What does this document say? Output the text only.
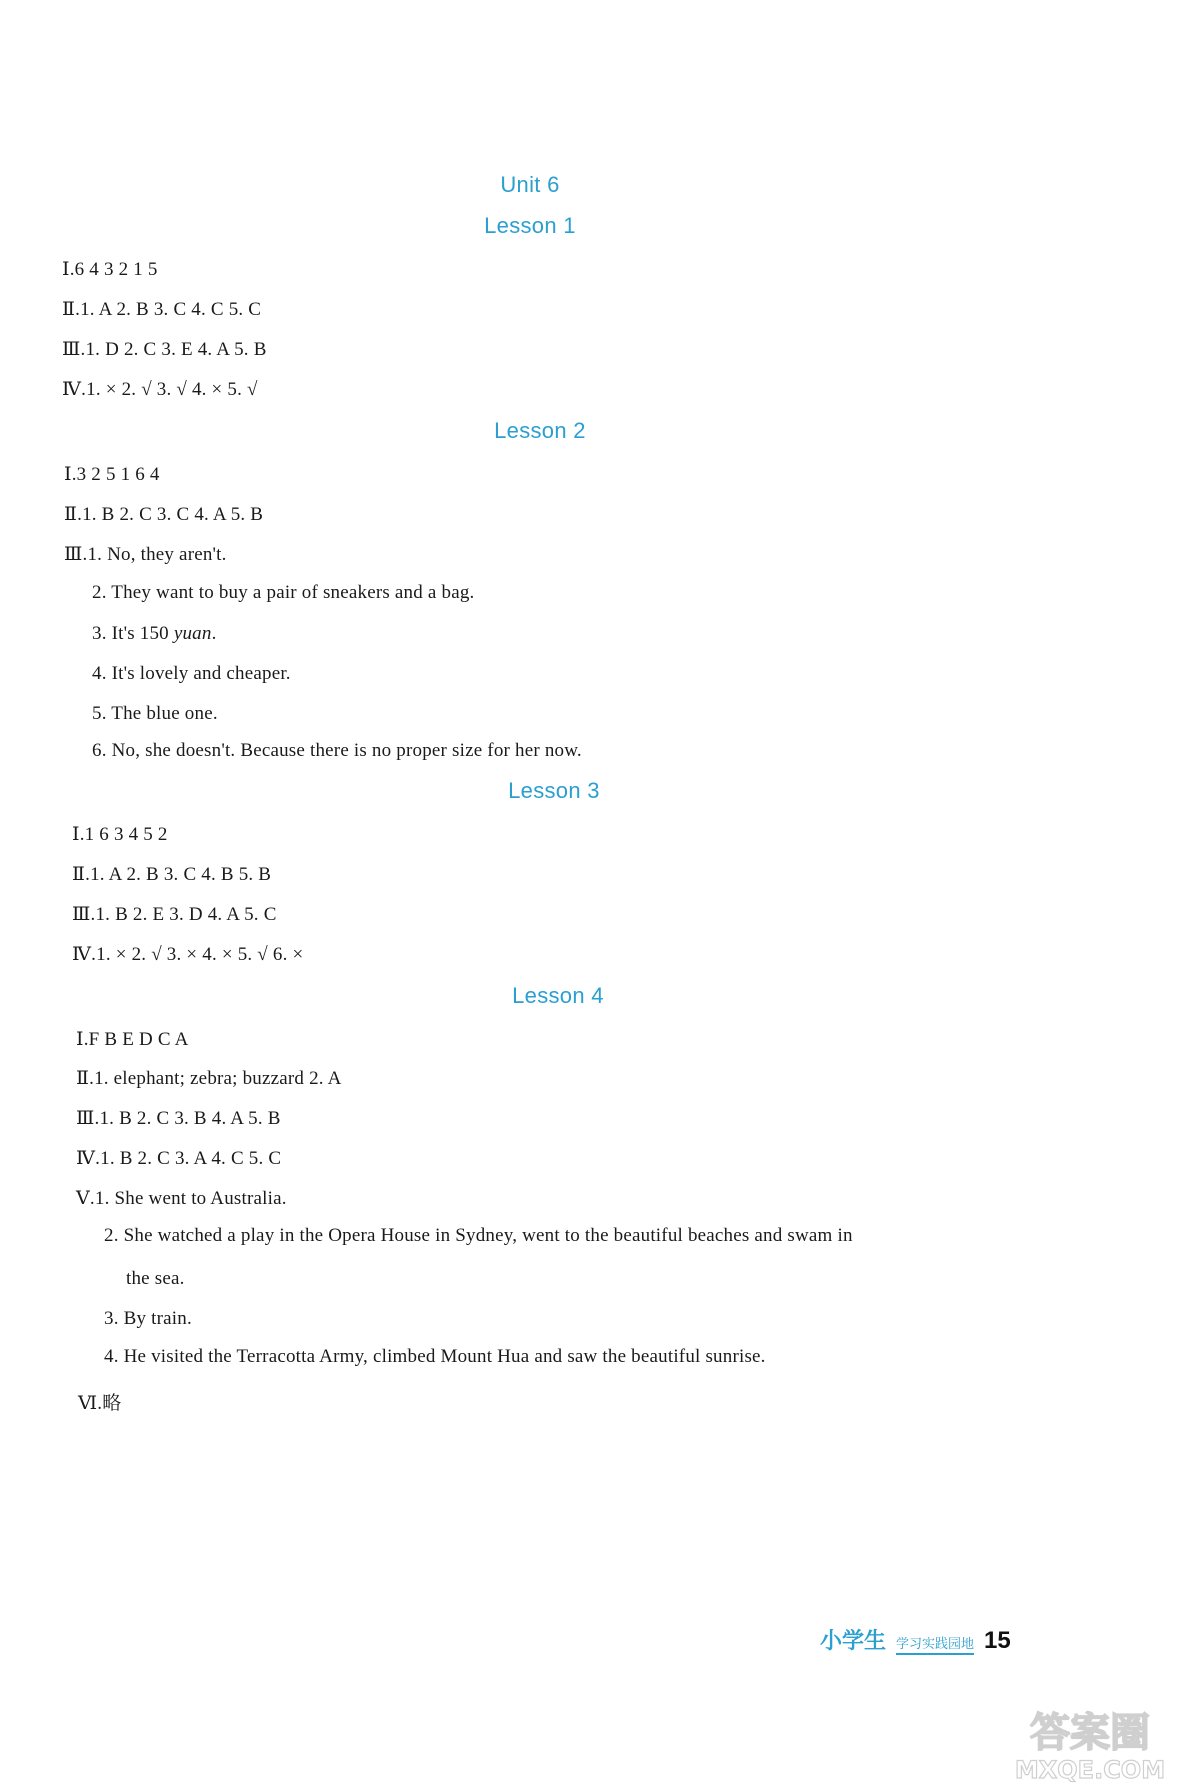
Unit 6
Lesson 1
Ⅰ.6 4 3 2 1 5
Ⅱ.1. A 2. B 3. C 4. C 5. C
Ⅲ.1. D 2. C 3. E 4. A 5. B
Ⅳ.1. × 2. √ 3. √ 4. × 5. √
Lesson 2
Ⅰ.3 2 5 1 6 4
Ⅱ.1. B 2. C 3. C 4. A 5. B
Ⅲ.1. No, they aren't.
2. They want to buy a pair of sneakers and a bag.
3. It's 150 yuan.
4. It's lovely and cheaper.
5. The blue one.
6. No, she doesn't. Because there is no proper size for her now.
Lesson 3
Ⅰ.1 6 3 4 5 2
Ⅱ.1. A 2. B 3. C 4. B 5. B
Ⅲ.1. B 2. E 3. D 4. A 5. C
Ⅳ.1. × 2. √ 3. × 4. × 5. √ 6. ×
Lesson 4
Ⅰ.F B E D C A
Ⅱ.1. elephant; zebra; buzzard 2. A
Ⅲ.1. B 2. C 3. B 4. A 5. B
Ⅳ.1. B 2. C 3. A 4. C 5. C
Ⅴ.1. She went to Australia.
2. She watched a play in the Opera House in Sydney, went to the beautiful beaches and swam in
the sea.
3. By train.
4. He visited the Terracotta Army, climbed Mount Hua and saw the beautiful sunrise.
Ⅵ.略
小学生 学习实践园地 15
答案圈
MXQE.COM
